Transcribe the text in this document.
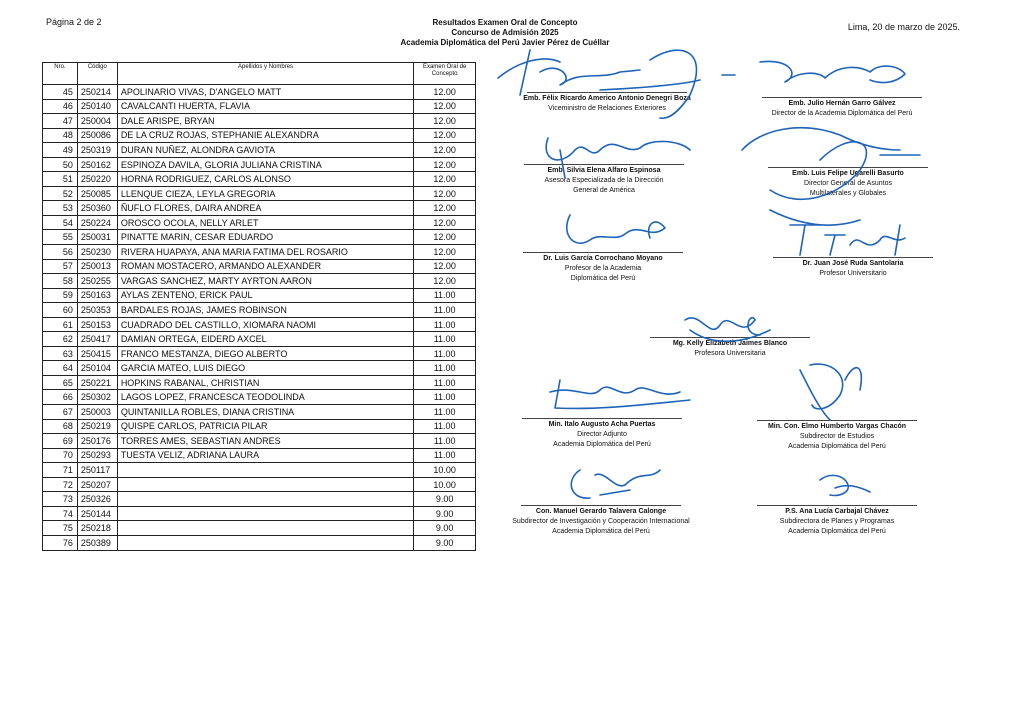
Página 2 de 2	Resultados Examen Oral de Concepto
Concurso de Admisión 2025
Academia Diplomática del Perú Javier Pérez de Cuéllar
Lima, 20 de marzo de 2025.
Nro.	Código	Apellidos y Nombres	Examen Oral de Concepto
45	250214	APOLINARIO VIVAS, D'ANGELO MATT	12.00
46	250140	CAVALCANTI HUERTA, FLAVIA	12.00
47	250004	DALE ARISPE, BRYAN	12.00
48	250086	DE LA CRUZ ROJAS, STEPHANIE ALEXANDRA	12.00
49	250319	DURAN NUÑEZ, ALONDRA GAVIOTA	12.00
50	250162	ESPINOZA DAVILA, GLORIA JULIANA CRISTINA	12.00
51	250220	HORNA RODRIGUEZ, CARLOS ALONSO	12.00
52	250085	LLENQUE CIEZA, LEYLA GREGORIA	12.00
53	250360	ÑUFLO FLORES, DAIRA ANDREA	12.00
54	250224	OROSCO OCOLA, NELLY ARLET	12.00
55	250031	PINATTE MARIN, CESAR EDUARDO	12.00
56	250230	RIVERA HUAPAYA, ANA MARIA FATIMA DEL ROSARIO	12.00
57	250013	ROMAN MOSTACERO, ARMANDO ALEXANDER	12.00
58	250255	VARGAS SANCHEZ, MARTY AYRTON AARON	12.00
59	250163	AYLAS ZENTENO, ERICK PAUL	11.00
60	250353	BARDALES ROJAS, JAMES ROBINSON	11.00
61	250153	CUADRADO DEL CASTILLO, XIOMARA NAOMI	11.00
62	250417	DAMIAN ORTEGA, EIDERD AXCEL	11.00
63	250415	FRANCO MESTANZA, DIEGO ALBERTO	11.00
64	250104	GARCIA MATEO, LUIS DIEGO	11.00
65	250221	HOPKINS RABANAL, CHRISTIAN	11.00
66	250302	LAGOS LOPEZ, FRANCESCA TEODOLINDA	11.00
67	250003	QUINTANILLA ROBLES, DIANA CRISTINA	11.00
68	250219	QUISPE CARLOS, PATRICIA PILAR	11.00
69	250176	TORRES AMES, SEBASTIAN ANDRES	11.00
70	250293	TUESTA VELIZ, ADRIANA LAURA	11.00
71	250117		10.00
72	250207		10.00
73	250326		9.00
74	250144		9.00
75	250218		9.00
76	250389		9.00
Emb. Félix Ricardo Americo Antonio Denegri Boza
Viceministro de Relaciones Exteriores
Emb. Julio Hernán Garro Gálvez
Director de la Academia Diplomática del Perú
Emb. Silvia Elena Alfaro Espinosa
Asesora Especializada de la Dirección
General de América
Emb. Luis Felipe Ugarelli Basurto
Director General de Asuntos
Multilaterales y Globales
Dr. Luis García Corrochano Moyano
Profesor de la Academia
Diplomática del Perú
Dr. Juan José Ruda Santolaria
Profesor Universitario
Mg. Kelly Elizabeth Jaimes Blanco
Profesora Universitaria
Min. Italo Augusto Acha Puertas
Director Adjunto
Academia Diplomática del Perú
Min. Con. Elmo Humberto Vargas Chacón
Subdirector de Estudios
Academia Diplomática del Perú
Con. Manuel Gerardo Talavera Calonge
Subdirector de Investigación y Cooperación Internacional
Academia Diplomática del Perú
P.S. Ana Lucía Carbajal Chávez
Subdirectora de Planes y Programas
Academia Diplomática del Perú
